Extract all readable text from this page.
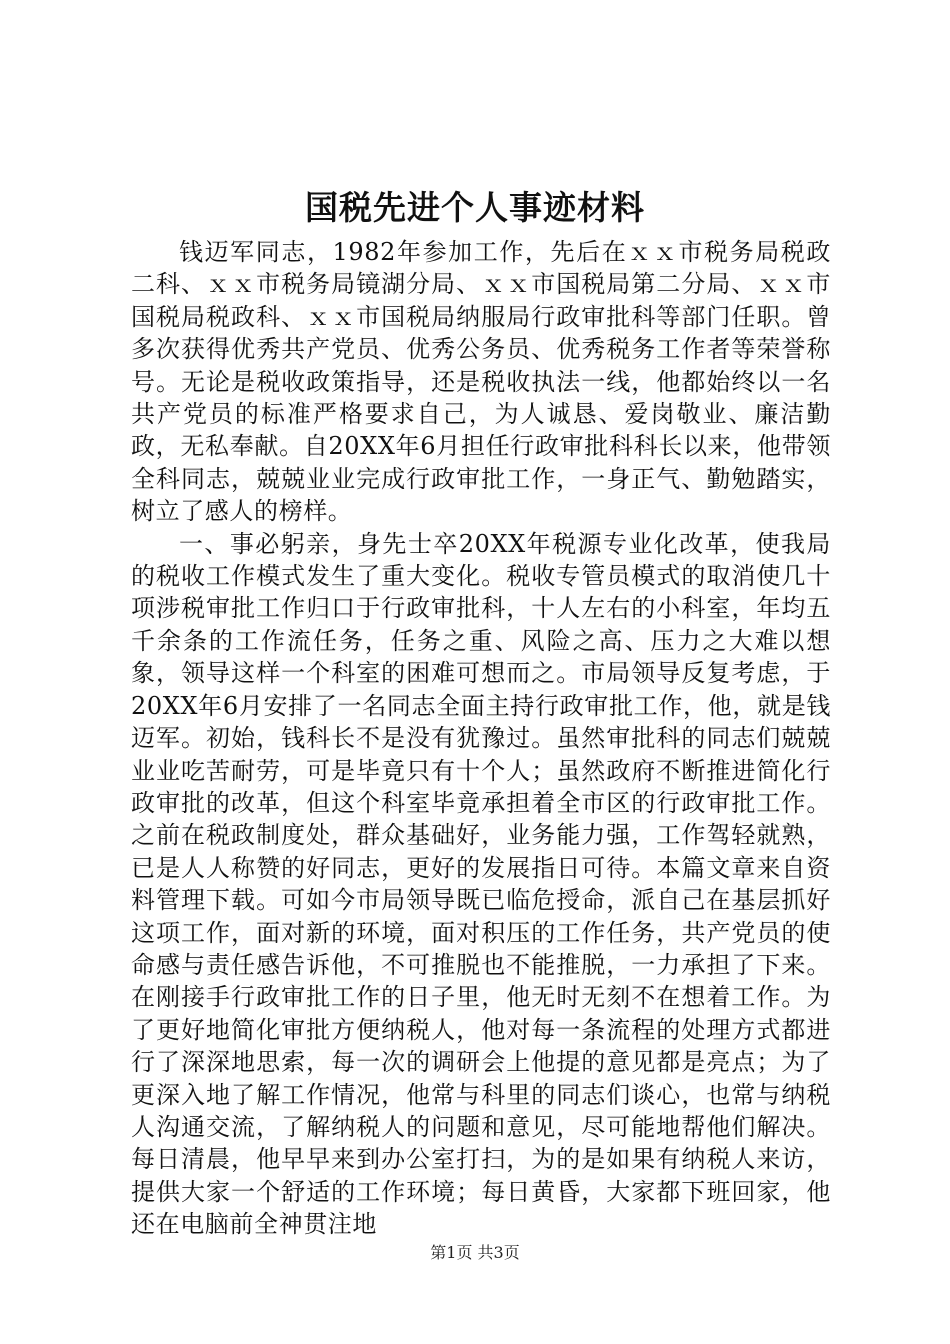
国税先进个人事迹材料

钱迈军同志，1982年参加工作，先后在ｘｘ市税务局税政二科、ｘｘ市税务局镜湖分局、ｘｘ市国税局第二分局、ｘｘ市国税局税政科、ｘｘ市国税局纳服局行政审批科等部门任职。曾多次获得优秀共产党员、优秀公务员、优秀税务工作者等荣誉称号。无论是税收政策指导，还是税收执法一线，他都始终以一名共产党员的标准严格要求自己，为人诚恳、爱岗敬业、廉洁勤政，无私奉献。自20XX年6月担任行政审批科科长以来，他带领全科同志，兢兢业业完成行政审批工作，一身正气、勤勉踏实，树立了感人的榜样。

一、事必躬亲，身先士卒20XX年税源专业化改革，使我局的税收工作模式发生了重大变化。税收专管员模式的取消使几十项涉税审批工作归口于行政审批科，十人左右的小科室，年均五千余条的工作流任务，任务之重、风险之高、压力之大难以想象，领导这样一个科室的困难可想而之。市局领导反复考虑，于20XX年6月安排了一名同志全面主持行政审批工作，他，就是钱迈军。初始，钱科长不是没有犹豫过。虽然审批科的同志们兢兢业业吃苦耐劳，可是毕竟只有十个人；虽然政府不断推进简化行政审批的改革，但这个科室毕竟承担着全市区的行政审批工作。之前在税政制度处，群众基础好，业务能力强，工作驾轻就熟，已是人人称赞的好同志，更好的发展指日可待。本篇文章来自资料管理下载。可如今市局领导既已临危授命，派自己在基层抓好这项工作，面对新的环境，面对积压的工作任务，共产党员的使命感与责任感告诉他，不可推脱也不能推脱，一力承担了下来。在刚接手行政审批工作的日子里，他无时无刻不在想着工作。为了更好地简化审批方便纳税人，他对每一条流程的处理方式都进行了深深地思索，每一次的调研会上他提的意见都是亮点；为了更深入地了解工作情况，他常与科里的同志们谈心，也常与纳税人沟通交流，了解纳税人的问题和意见，尽可能地帮他们解决。每日清晨，他早早来到办公室打扫，为的是如果有纳税人来访，提供大家一个舒适的工作环境；每日黄昏，大家都下班回家，他还在电脑前全神贯注地

第1页 共3页
